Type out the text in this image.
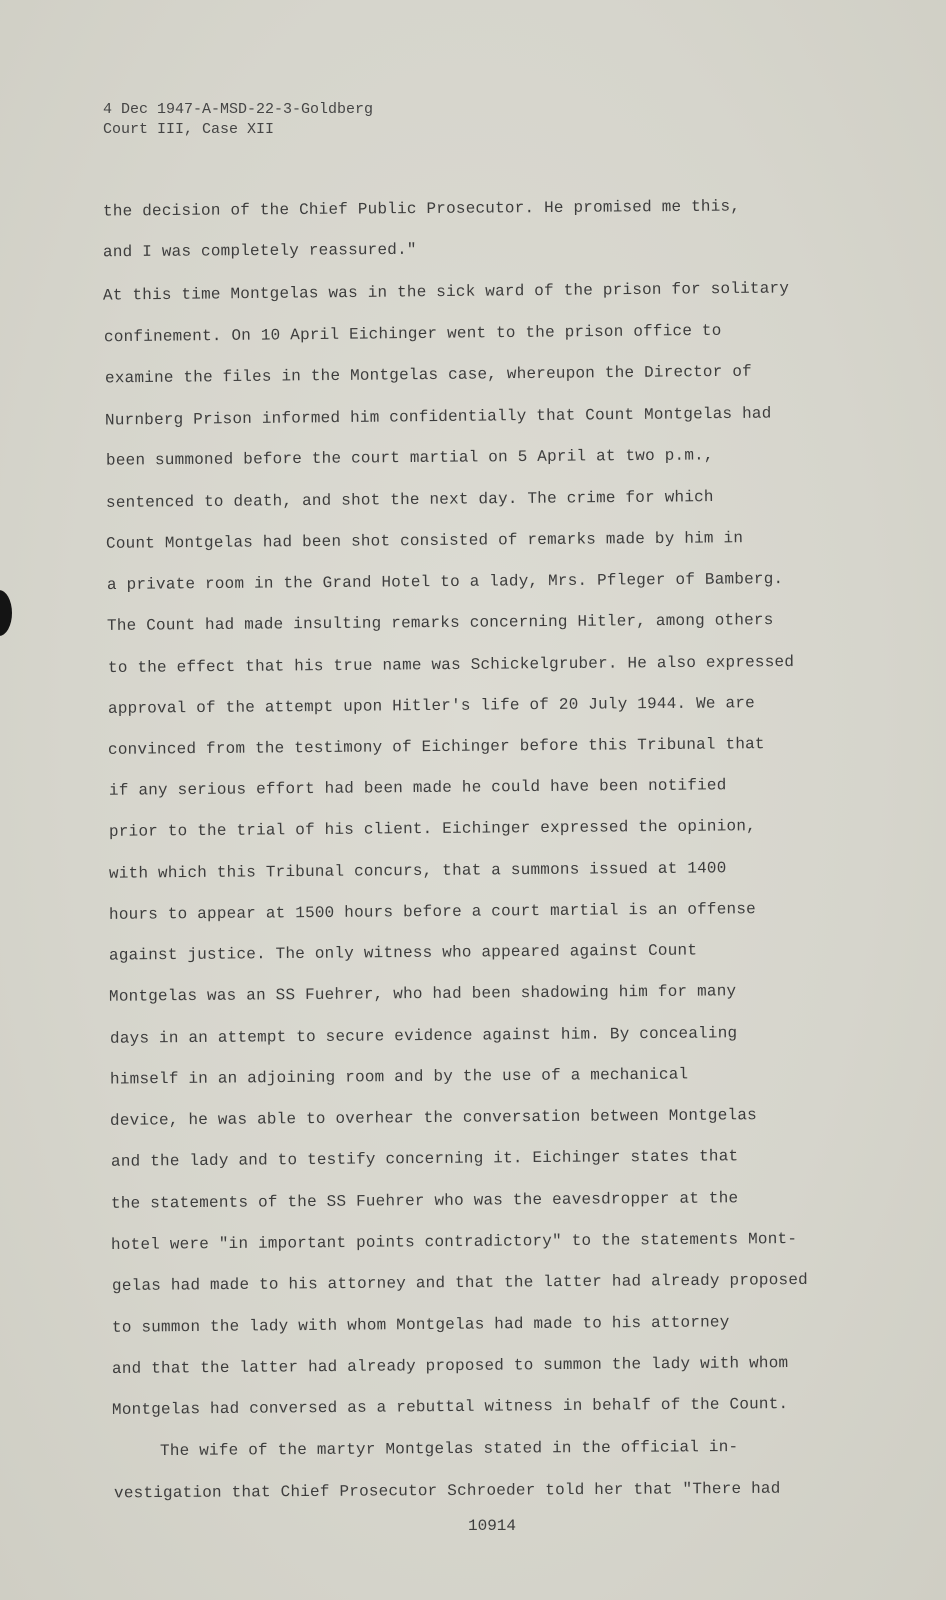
4 Dec 1947-A-MSD-22-3-Goldberg
Court III, Case XII
the decision of the Chief Public Prosecutor. He promised me this,
and I was completely reassured."
At this time Montgelas was in the sick ward of the prison for solitary
confinement. On 10 April Eichinger went to the prison office to
examine the files in the Montgelas case, whereupon the Director of
Nurnberg Prison informed him confidentially that Count Montgelas had
been summoned before the court martial on 5 April at two p.m.,
sentenced to death, and shot the next day. The crime for which
Count Montgelas had been shot consisted of remarks made by him in
a private room in the Grand Hotel to a lady, Mrs. Pfleger of Bamberg.
The Count had made insulting remarks concerning Hitler, among others
to the effect that his true name was Schickelgruber. He also expressed
approval of the attempt upon Hitler's life of 20 July 1944. We are
convinced from the testimony of Eichinger before this Tribunal that
if any serious effort had been made he could have been notified
prior to the trial of his client. Eichinger expressed the opinion,
with which this Tribunal concurs, that a summons issued at 1400
hours to appear at 1500 hours before a court martial is an offense
against justice. The only witness who appeared against Count
Montgelas was an SS Fuehrer, who had been shadowing him for many
days in an attempt to secure evidence against him. By concealing
himself in an adjoining room and by the use of a mechanical
device, he was able to overhear the conversation between Montgelas
and the lady and to testify concerning it. Eichinger states that
the statements of the SS Fuehrer who was the eavesdropper at the
hotel were "in important points contradictory" to the statements Mont-
gelas had made to his attorney and that the latter had already proposed
to summon the lady with whom Montgelas had made to his attorney
and that the latter had already proposed to summon the lady with whom
Montgelas had conversed as a rebuttal witness in behalf of the Count.
The wife of the martyr Montgelas stated in the official in-
vestigation that Chief Prosecutor Schroeder told her that "There had
10914
